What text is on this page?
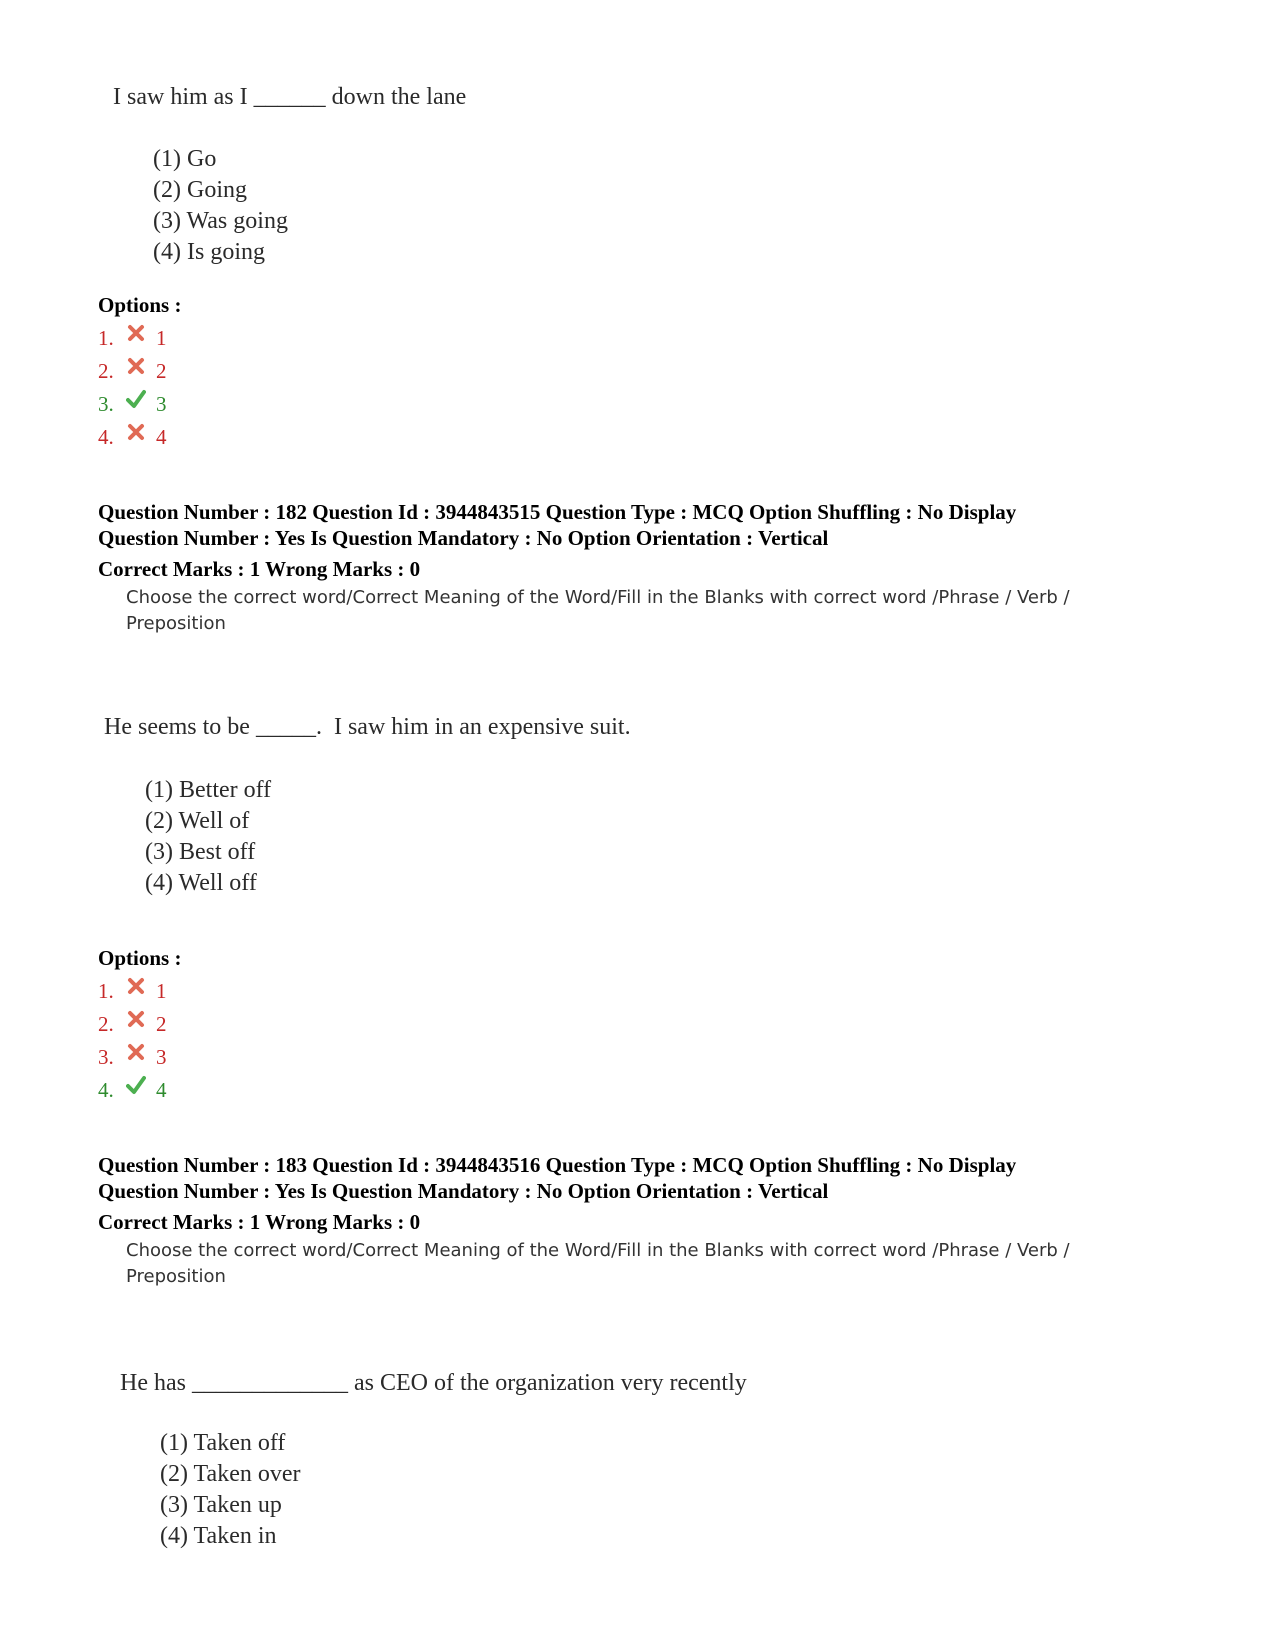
I saw him as I ______ down the lane
(1) Go
(2) Going
(3) Was going
(4) Is going
Options :
1.	1
2.	2
3.	3
4.	4
Question Number : 182 Question Id : 3944843515 Question Type : MCQ Option Shuffling : No Display
Question Number : Yes Is Question Mandatory : No Option Orientation : Vertical
Correct Marks : 1 Wrong Marks : 0
Choose the correct word/Correct Meaning of the Word/Fill in the Blanks with correct word /Phrase / Verb / Preposition
He seems to be _____.  I saw him in an expensive suit.
(1) Better off
(2) Well of
(3) Best off
(4) Well off
Options :
1.	1
2.	2
3.	3
4.	4
Question Number : 183 Question Id : 3944843516 Question Type : MCQ Option Shuffling : No Display
Question Number : Yes Is Question Mandatory : No Option Orientation : Vertical
Correct Marks : 1 Wrong Marks : 0
Choose the correct word/Correct Meaning of the Word/Fill in the Blanks with correct word /Phrase / Verb / Preposition
He has _____________ as CEO of the organization very recently
(1) Taken off
(2) Taken over
(3) Taken up
(4) Taken in
